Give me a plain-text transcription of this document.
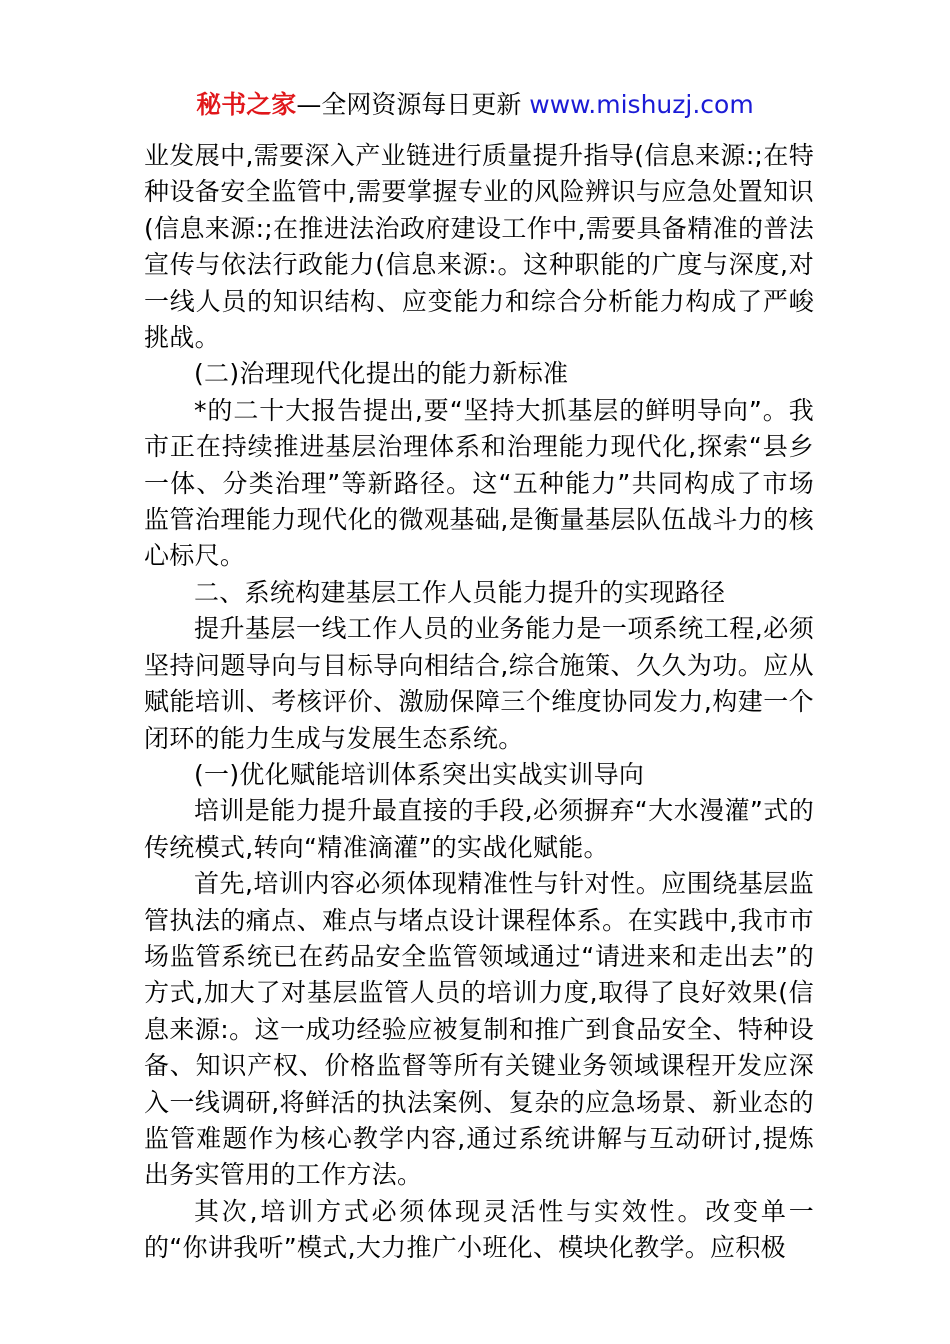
秘书之家—全网资源每日更新 www.mishuzj.com

业发展中,需要深入产业链进行质量提升指导(信息来源:;在特种设备安全监管中,需要掌握专业的风险辨识与应急处置知识(信息来源:;在推进法治政府建设工作中,需要具备精准的普法宣传与依法行政能力(信息来源:。这种职能的广度与深度,对一线人员的知识结构、应变能力和综合分析能力构成了严峻挑战。

(二)治理现代化提出的能力新标准

*的二十大报告提出,要“坚持大抓基层的鲜明导向”。我市正在持续推进基层治理体系和治理能力现代化,探索“县乡一体、分类治理”等新路径。这“五种能力”共同构成了市场监管治理能力现代化的微观基础,是衡量基层队伍战斗力的核心标尺。

二、系统构建基层工作人员能力提升的实现路径

提升基层一线工作人员的业务能力是一项系统工程,必须坚持问题导向与目标导向相结合,综合施策、久久为功。应从赋能培训、考核评价、激励保障三个维度协同发力,构建一个闭环的能力生成与发展生态系统。

(一)优化赋能培训体系突出实战实训导向

培训是能力提升最直接的手段,必须摒弃“大水漫灌”式的传统模式,转向“精准滴灌”的实战化赋能。

首先,培训内容必须体现精准性与针对性。应围绕基层监管执法的痛点、难点与堵点设计课程体系。在实践中,我市市场监管系统已在药品安全监管领域通过“请进来和走出去”的方式,加大了对基层监管人员的培训力度,取得了良好效果(信息来源:。这一成功经验应被复制和推广到食品安全、特种设备、知识产权、价格监督等所有关键业务领域课程开发应深入一线调研,将鲜活的执法案例、复杂的应急场景、新业态的监管难题作为核心教学内容,通过系统讲解与互动研讨,提炼出务实管用的工作方法。

其次,培训方式必须体现灵活性与实效性。改变单一的“你讲我听”模式,大力推广小班化、模块化教学。应积极
